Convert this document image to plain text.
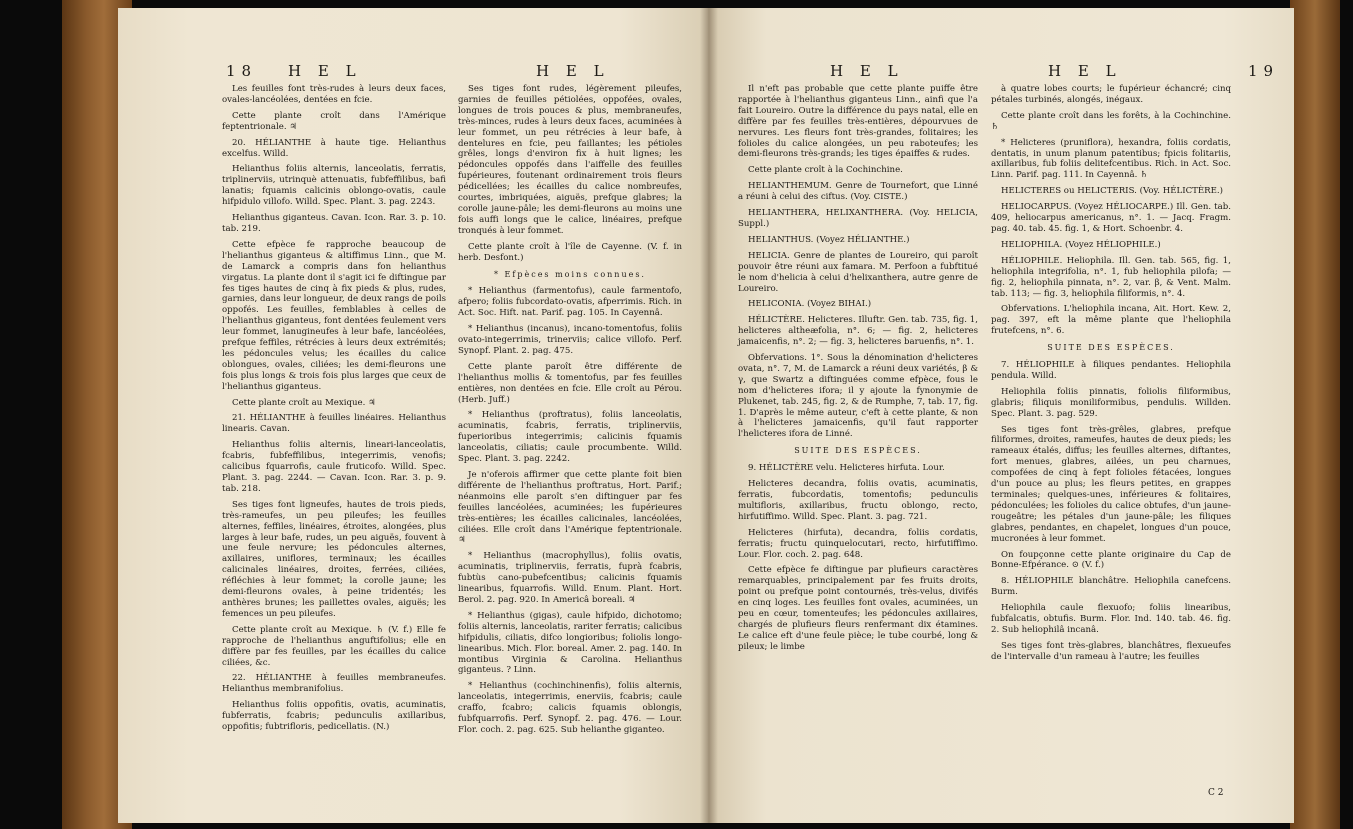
18 H E L	H E L

Les feuilles font très-rudes à leurs deux faces, ovales-lancéolées, dentées en fcie.

Cette plante croît dans l'Amérique feptentrionale. ♃

20. HÉLIANTHE à haute tige. Helianthus excelfus. Willd.

Helianthus foliis alternis, lanceolatis, ferratis, triplinerviis, utrinquè attenuatis, fubfeffilibus, bafi lanatis; fquamis calicinis oblongo-ovatis, caule hifpidulo villofo. Willd. Spec. Plant. 3. pag. 2243.

Helianthus giganteus. Cavan. Icon. Rar. 3. p. 10. tab. 219.

Cette efpèce fe rapproche beaucoup de l'helianthus giganteus & altiffimus Linn., que M. de Lamarck a compris dans fon helianthus virgatus. La plante dont il s'agit ici fe diftingue par fes tiges hautes de cinq à fix pieds & plus, rudes, garnies, dans leur longueur, de deux rangs de poils oppofés. Les feuilles, femblables à celles de l'helianthus giganteus, font dentées feulement vers leur fommet, lanugineufes à leur bafe, lancéolées, prefque feffiles, rétrécies à leurs deux extrémités; les pédoncules velus; les écailles du calice oblongues, ovales, ciliées; les demi-fleurons une fois plus longs & trois fois plus larges que ceux de l'helianthus giganteus.

Cette plante croît au Mexique. ♃

21. HÉLIANTHE à feuilles linéaires. Helianthus linearis. Cavan.

Helianthus foliis alternis, lineari-lanceolatis, fcabris, fubfeffilibus, integerrimis, venofis; calicibus fquarrofis, caule fruticofo. Willd. Spec. Plant. 3. pag. 2244. — Cavan. Icon. Rar. 3. p. 9. tab. 218.

Ses tiges font ligneufes, hautes de trois pieds, très-rameufes, un peu pileufes; les feuilles alternes, feffiles, linéaires, étroites, alongées, plus larges à leur bafe, rudes, un peu aiguës, fouvent à une feule nervure; les pédoncules alternes, axillaires, uniflores, terminaux; les écailles calicinales linéaires, droites, ferrées, ciliées, réfléchies à leur fommet; la corolle jaune; les demi-fleurons ovales, à peine tridentés; les anthères brunes; les paillettes ovales, aiguës; les femences un peu pileufes.

Cette plante croît au Mexique. ♄ (V. f.) Elle fe rapproche de l'helianthus anguftifolius; elle en diffère par fes feuilles, par les écailles du calice ciliées, &c.

22. HÉLIANTHE à feuilles membraneufes. Helianthus membranifolius.

Helianthus foliis oppofitis, ovatis, acuminatis, fubferratis, fcabris; pedunculis axillaribus, oppofitis; fubtrifloris, pedicellatis. (N.)

Ses tiges font rudes, légèrement pileufes, garnies de feuilles pétiolées, oppofées, ovales, longues de trois pouces & plus, membraneufes, très-minces, rudes à leurs deux faces, acuminées à leur fommet, un peu rétrécies à leur bafe, à dentelures en fcie, peu faillantes; les pétioles grêles, longs d'environ fix à huit lignes; les pédoncules oppofés dans l'aiffelle des feuilles fupérieures, foutenant ordinairement trois fleurs pédicellées; les écailles du calice nombreufes, courtes, imbriquées, aiguës, prefque glabres; la corolle jaune-pâle; les demi-fleurons au moins une fois auffi longs que le calice, linéaires, prefque tronqués à leur fommet.

Cette plante croît à l'île de Cayenne. (V. f. in herb. Desfont.)

* Efpèces moins connues.

* Helianthus (farmentofus), caule farmentofo, afpero; foliis fubcordato-ovatis, afperrimis. Rich. in Act. Soc. Hift. nat. Parif. pag. 105. In Cayennâ.

* Helianthus (incanus), incano-tomentofus, foliis ovato-integerrimis, trinerviis; calice villofo. Perf. Synopf. Plant. 2. pag. 475.

Cette plante paroît être différente de l'helianthus mollis & tomentofus, par fes feuilles entières, non dentées en fcie. Elle croît au Pérou. (Herb. Juff.)

* Helianthus (proftratus), foliis lanceolatis, acuminatis, fcabris, ferratis, triplinerviis, fuperioribus integerrimis; calicinis fquamis lanceolatis, ciliatis; caule procumbente. Willd. Spec. Plant. 3. pag. 2242.

Je n'oferois affirmer que cette plante foit bien différente de l'helianthus proftratus, Hort. Parif.; néanmoins elle paroît s'en diftinguer par fes feuilles lancéolées, acuminées; les fupérieures très-entières; les écailles calicinales, lancéolées, ciliées. Elle croît dans l'Amérique feptentrionale. ♃

* Helianthus (macrophyllus), foliis ovatis, acuminatis, triplinerviis, ferratis, fuprà fcabris, fubtùs cano-pubefcentibus; calicinis fquamis linearibus, fquarrofis. Willd. Enum. Plant. Hort. Berol. 2. pag. 920. In Americâ boreali. ♃

* Helianthus (gigas), caule hifpido, dichotomo; foliis alternis, lanceolatis, rariter ferratis; calicibus hifpidulis, ciliatis, difco longioribus; foliolis longo-linearibus. Mich. Flor. boreal. Amer. 2. pag. 140. In montibus Virginia & Carolina. Helianthus giganteus. ? Linn.

* Helianthus (cochinchinenfis), foliis alternis, lanceolatis, integerrimis, enerviis, fcabris; caule craffo, fcabro; calicis fquamis oblongis, fubfquarrofis. Perf. Synopf. 2. pag. 476. — Lour. Flor. coch. 2. pag. 625. Sub helianthe giganteo.

H E L	H E L	19

Il n'eft pas probable que cette plante puiffe être rapportée à l'helianthus giganteus Linn., ainfi que l'a fait Loureiro. Outre la différence du pays natal, elle en diffère par fes feuilles très-entières, dépourvues de nervures. Les fleurs font très-grandes, folitaires; les folioles du calice alongées, un peu raboteufes; les demi-fleurons très-grands; les tiges épaiffes & rudes.

Cette plante croît à la Cochinchine.

HELIANTHEMUM. Genre de Tournefort, que Linné a réuni à celui des ciftus. (Voy. CISTE.)

HELIANTHERA, HELIXANTHERA. (Voy. HELICIA, Suppl.)

HELIANTHUS. (Voyez HÉLIANTHE.)

HELICIA. Genre de plantes de Loureiro, qui paroît pouvoir être réuni aux famara. M. Perfoon a fubftitué le nom d'helicia à celui d'helixanthera, autre genre de Loureiro.

HELICONIA. (Voyez BIHAI.)

HÉLICTÈRE. Helicteres. Illuftr. Gen. tab. 735, fig. 1, helicteres altheæfolia, n°. 6; — fig. 2, helicteres jamaicenfis, n°. 2; — fig. 3, helicteres baruenfis, n°. 1.

Obfervations. 1°. Sous la dénomination d'helicteres ovata, n°. 7, M. de Lamarck a réuni deux variétés, β & γ, que Swartz a diftinguées comme efpèce, fous le nom d'helicteres ifora; il y ajoute la fynonymie de Plukenet, tab. 245, fig. 2, & de Rumphe, 7, tab. 17, fig. 1. D'après le même auteur, c'eft à cette plante, & non à l'helicteres jamaicenfis, qu'il faut rapporter l'helicteres ifora de Linné.

SUITE DES ESPÈCES.

9. HÉLICTÈRE velu. Helicteres hirfuta. Lour.

Helicteres decandra, foliis ovatis, acuminatis, ferratis, fubcordatis, tomentofis; pedunculis multifloris, axillaribus, fructu oblongo, recto, hirfutiffimo. Willd. Spec. Plant. 3. pag. 721.

Helicteres (hirfuta), decandra, foliis cordatis, ferratis; fructu quinquelocutari, recto, hirfutiffimo. Lour. Flor. coch. 2. pag. 648.

Cette efpèce fe diftingue par plufieurs caractères remarquables, principalement par fes fruits droits, point ou prefque point contournés, très-velus, divifés en cinq loges. Les feuilles font ovales, acuminées, un peu en cœur, tomenteufes; les pédoncules axillaires, chargés de plufieurs fleurs renfermant dix étamines. Le calice eft d'une feule pièce; le tube courbé, long & pileux; le limbe

à quatre lobes courts; le fupérieur échancré; cinq pétales turbinés, alongés, inégaux.

Cette plante croît dans les forêts, à la Cochinchine. ♄

* Helicteres (pruniflora), hexandra, foliis cordatis, dentatis, in unum planum patentibus; fpicis folitariis, axillaribus, fub foliis delitefcentibus. Rich. in Act. Soc. Linn. Parif. pag. 111. In Cayennâ. ♄

HELICTERES ou HELICTERIS. (Voy. HÉLICTÈRE.)

HELIOCARPUS. (Voyez HÉLIOCARPE.) Ill. Gen. tab. 409, heliocarpus americanus, n°. 1. — Jacq. Fragm. pag. 40. tab. 45. fig. 1, & Hort. Schoenbr. 4.

HELIOPHILA. (Voyez HÉLIOPHILE.)

HÉLIOPHILE. Heliophila. Ill. Gen. tab. 565, fig. 1, heliophila integrifolia, n°. 1, fub heliophila pilofa; — fig. 2, heliophila pinnata, n°. 2, var. β, & Vent. Malm. tab. 113; — fig. 3, heliophila filiformis, n°. 4.

Obfervations. L'heliophila incana, Ait. Hort. Kew. 2, pag. 397, eft la même plante que l'heliophila frutefcens, n°. 6.

SUITE DES ESPÈCES.

7. HÉLIOPHILE à filiques pendantes. Heliophila pendula. Willd.

Heliophila foliis pinnatis, foliolis filiformibus, glabris; filiquis moniliformibus, pendulis. Willden. Spec. Plant. 3. pag. 529.

Ses tiges font très-grêles, glabres, prefque filiformes, droites, rameufes, hautes de deux pieds; les rameaux étalés, diffus; les feuilles alternes, diftantes, fort menues, glabres, ailées, un peu charnues, compofées de cinq à fept folioles fétacées, longues d'un pouce au plus; les fleurs petites, en grappes terminales; quelques-unes, inférieures & folitaires, pédonculées; les folioles du calice obtufes, d'un jaune-rougeâtre; les pétales d'un jaune-pâle; les filiques glabres, pendantes, en chapelet, longues d'un pouce, mucronées à leur fommet.

On foupçonne cette plante originaire du Cap de Bonne-Efpérance. ⊙ (V. f.)

8. HÉLIOPHILE blanchâtre. Heliophila canefcens. Burm.

Heliophila caule flexuofo; foliis linearibus, fubfalcatis, obtufis. Burm. Flor. Ind. 140. tab. 46. fig. 2. Sub heliophilâ incanâ.

Ses tiges font très-glabres, blanchâtres, flexueufes de l'intervalle d'un rameau à l'autre; les feuilles

C 2
